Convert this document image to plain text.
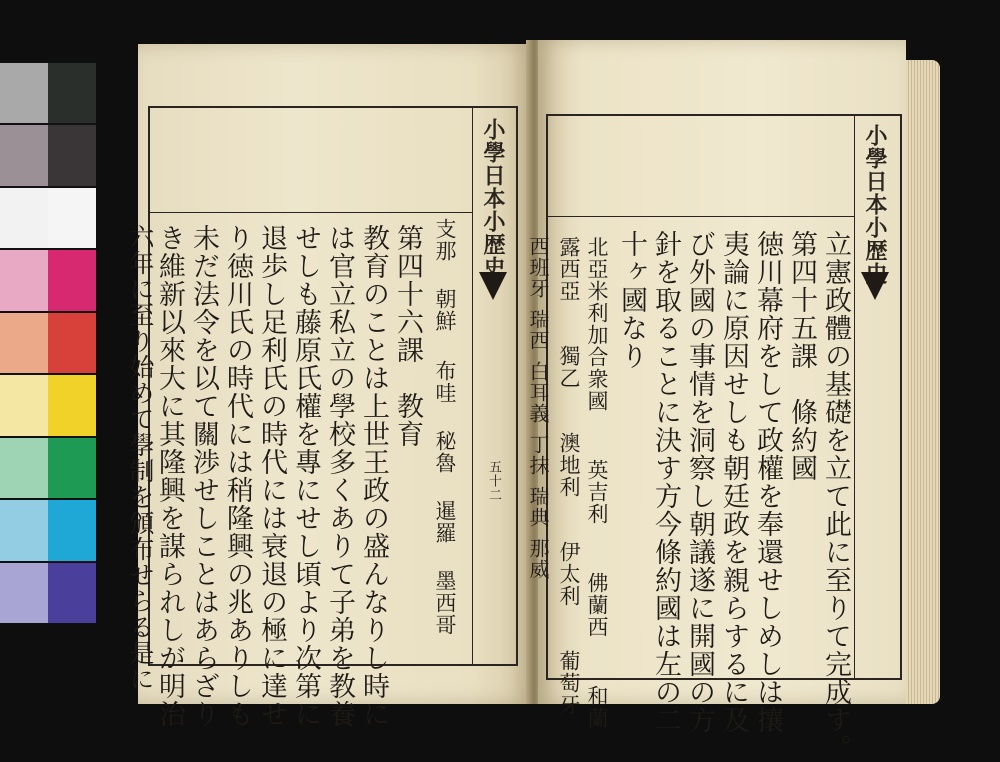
小學日本小歴史
五十二
支那
朝鮮
布哇
秘魯
暹羅
墨西哥
第四十六課　教育
教育のことは上世王政の盛んなりし時に
は官立私立の學校多くありて子弟を教養
せしも藤原氏權を專にせし頃より次第に
退歩し足利氏の時代には衰退の極に達せ
り徳川氏の時代には稍隆興の兆ありしも
未だ法令を以て關渉せしことはあらざり
き維新以來大に其隆興を謀られしが明治
六年に至り始めて學制を頒布せらる是に
小學日本小歴史
立憲政體の基礎を立て此に至りて完成す。
第四十五課　條約國
徳川幕府をして政權を奉還せしめしは攘
夷論に原因せしも朝廷政を親らするに及
び外國の事情を洞察し朝議遂に開國の方
針を取ることに決す方今條約國は左の二
十ヶ國なり
北亞米利加合衆國 英吉利 佛蘭西 和蘭
露西亞 獨乙 澳地利 伊太利 葡萄牙
西班牙瑞西白耳義丁抹瑞典那威
